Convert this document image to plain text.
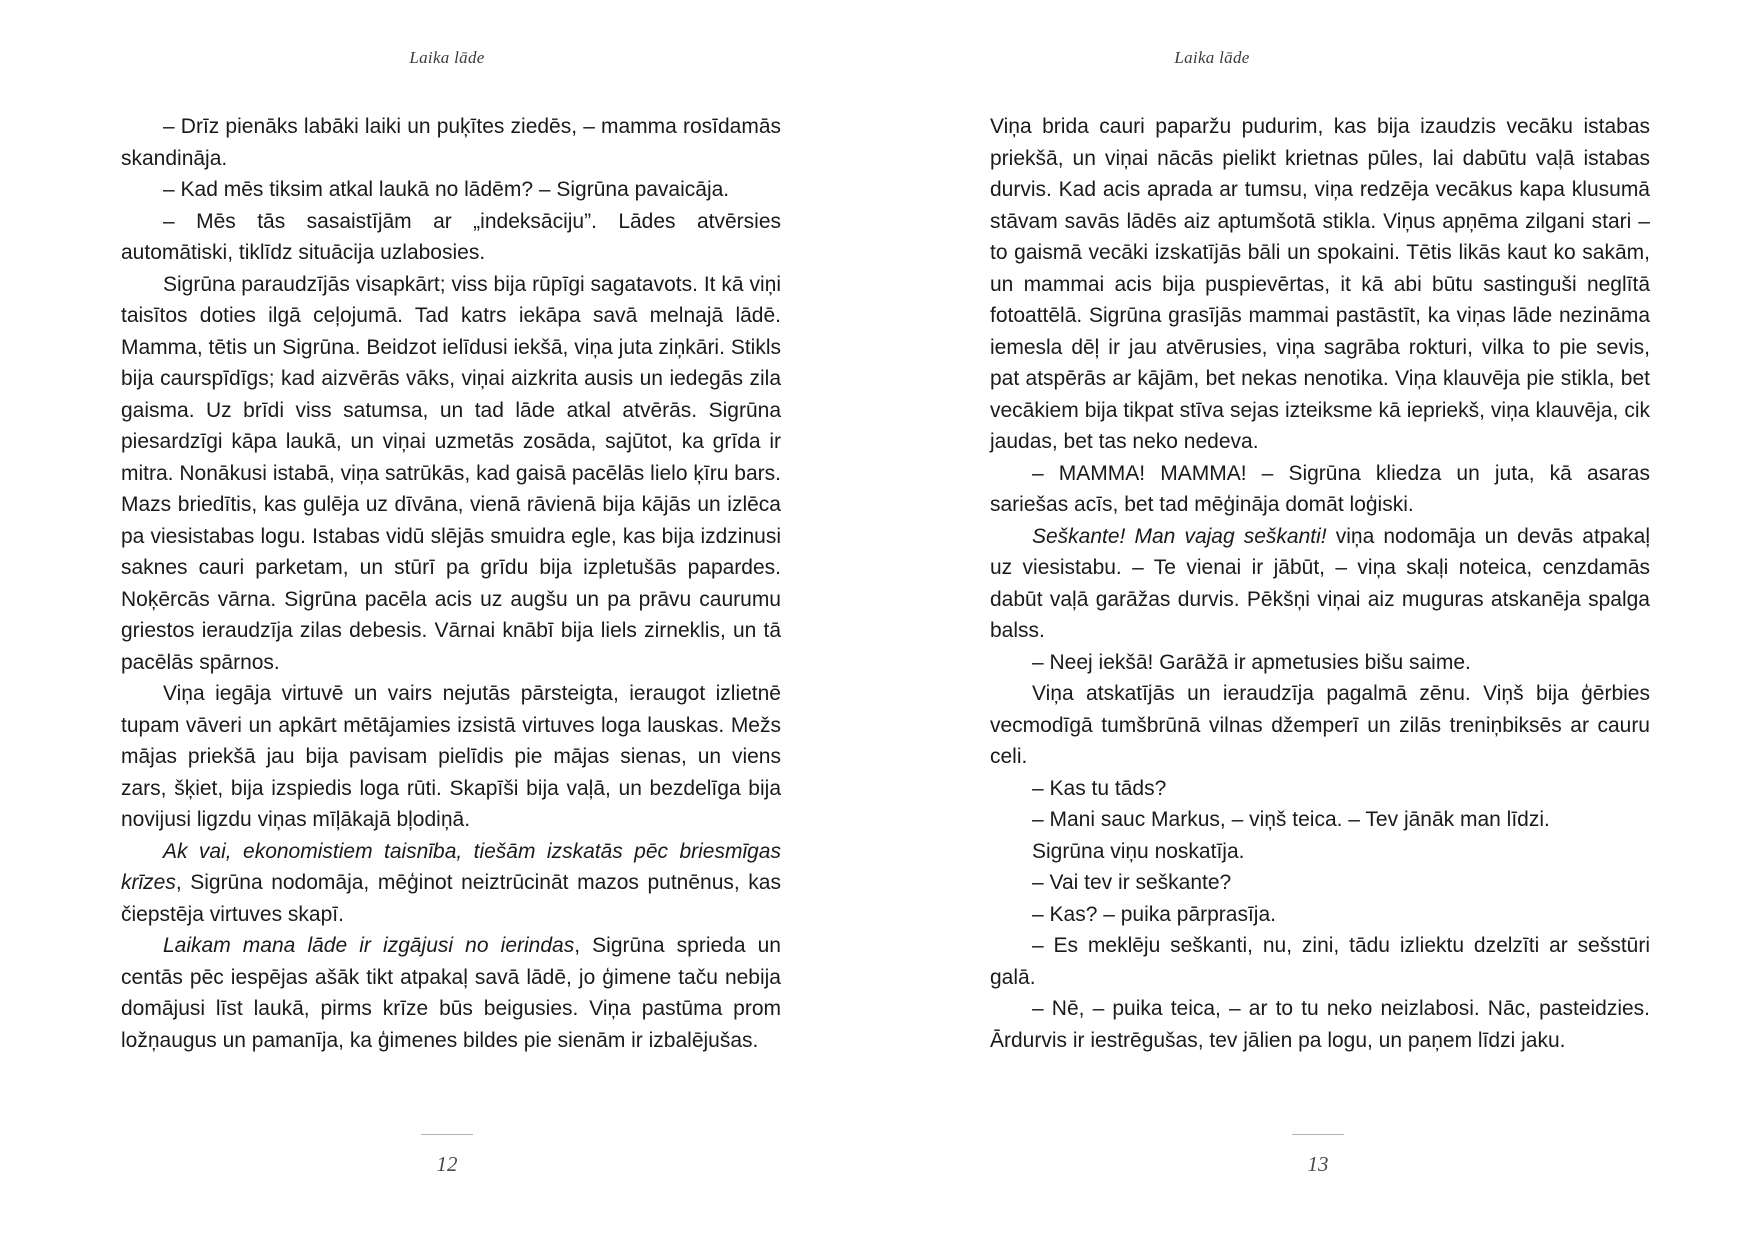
Laika lāde

– Drīz pienāks labāki laiki un puķītes ziedēs, – mamma rosīdamās skandināja.

– Kad mēs tiksim atkal laukā no lādēm? – Sigrūna pavaicāja.

– Mēs tās sasaistījām ar „indeksāciju”. Lādes atvērsies automātiski, tiklīdz situācija uzlabosies.

Sigrūna paraudzījās visapkārt; viss bija rūpīgi sagatavots. It kā viņi taisītos doties ilgā ceļojumā. Tad katrs iekāpa savā melnajā lādē. Mamma, tētis un Sigrūna. Beidzot ielīdusi iekšā, viņa juta ziņkāri. Stikls bija caurspīdīgs; kad aizvērās vāks, viņai aizkrita ausis un iedegās zila gaisma. Uz brīdi viss satumsa, un tad lāde atkal atvērās. Sigrūna piesardzīgi kāpa laukā, un viņai uzmetās zosāda, sajūtot, ka grīda ir mitra. Nonākusi istabā, viņa satrūkās, kad gaisā pacēlās lielo ķīru bars. Mazs briedītis, kas gulēja uz dīvāna, vienā rāvienā bija kājās un izlēca pa viesistabas logu. Istabas vidū slējās smuidra egle, kas bija izdzinusi saknes cauri parketam, un stūrī pa grīdu bija izpletušās papardes. Noķērcās vārna. Sigrūna pacēla acis uz augšu un pa prāvu caurumu griestos ieraudzīja zilas debesis. Vārnai knābī bija liels zirneklis, un tā pacēlās spārnos.

Viņa iegāja virtuvē un vairs nejutās pārsteigta, ieraugot izlietnē tupam vāveri un apkārt mētājamies izsistā virtuves loga lauskas. Mežs mājas priekšā jau bija pavisam pielīdis pie mājas sienas, un viens zars, šķiet, bija izspiedis loga rūti. Skapīši bija vaļā, un bezdelīga bija novijusi ligzdu viņas mīļākajā bļodiņā.

Ak vai, ekonomistiem taisnība, tiešām izskatās pēc briesmīgas krīzes, Sigrūna nodomāja, mēģinot neiztrūcināt mazos putnēnus, kas čiepstēja virtuves skapī.

Laikam mana lāde ir izgājusi no ierindas, Sigrūna sprieda un centās pēc iespējas ašāk tikt atpakaļ savā lādē, jo ģimene taču nebija domājusi līst laukā, pirms krīze būs beigusies. Viņa pastūma prom ložņaugus un pamanīja, ka ģimenes bildes pie sienām ir izbalējušas.

12
Laika lāde

Viņa brida cauri paparžu pudurim, kas bija izaudzis vecāku istabas priekšā, un viņai nācās pielikt krietnas pūles, lai dabūtu vaļā istabas durvis. Kad acis aprada ar tumsu, viņa redzēja vecākus kapa klusumā stāvam savās lādēs aiz aptumšotā stikla. Viņus apņēma zilgani stari – to gaismā vecāki izskatījās bāli un spokaini. Tētis likās kaut ko sakām, un mammai acis bija puspievērtas, it kā abi būtu sastinguši neglītā fotoattēlā. Sigrūna grasījās mammai pastāstīt, ka viņas lāde nezināma iemesla dēļ ir jau atvērusies, viņa sagrāba rokturi, vilka to pie sevis, pat atspērās ar kājām, bet nekas nenotika. Viņa klauvēja pie stikla, bet vecākiem bija tikpat stīva sejas izteiksme kā iepriekš, viņa klauvēja, cik jaudas, bet tas neko nedeva.

– MAMMA! MAMMA! – Sigrūna kliedza un juta, kā asaras sariešas acīs, bet tad mēģināja domāt loģiski.

Seškante! Man vajag seškanti! viņa nodomāja un devās atpakaļ uz viesistabu. – Te vienai ir jābūt, – viņa skaļi noteica, cenzdamās dabūt vaļā garāžas durvis. Pēkšņi viņai aiz muguras atskanēja spalga balss.

– Neej iekšā! Garāžā ir apmetusies bišu saime.

Viņa atskatījās un ieraudzīja pagalmā zēnu. Viņš bija ģērbies vecmodīgā tumšbrūnā vilnas džemperī un zilās treniņbiksēs ar cauru celi.

– Kas tu tāds?

– Mani sauc Markus, – viņš teica. – Tev jānāk man līdzi.

Sigrūna viņu noskatīja.

– Vai tev ir seškante?

– Kas? – puika pārprasīja.

– Es meklēju seškanti, nu, zini, tādu izliektu dzelzīti ar sešstūri galā.

– Nē, – puika teica, – ar to tu neko neizlabosi. Nāc, pasteidzies. Ārdurvis ir iestrēgušas, tev jālien pa logu, un paņem līdzi jaku.

13
